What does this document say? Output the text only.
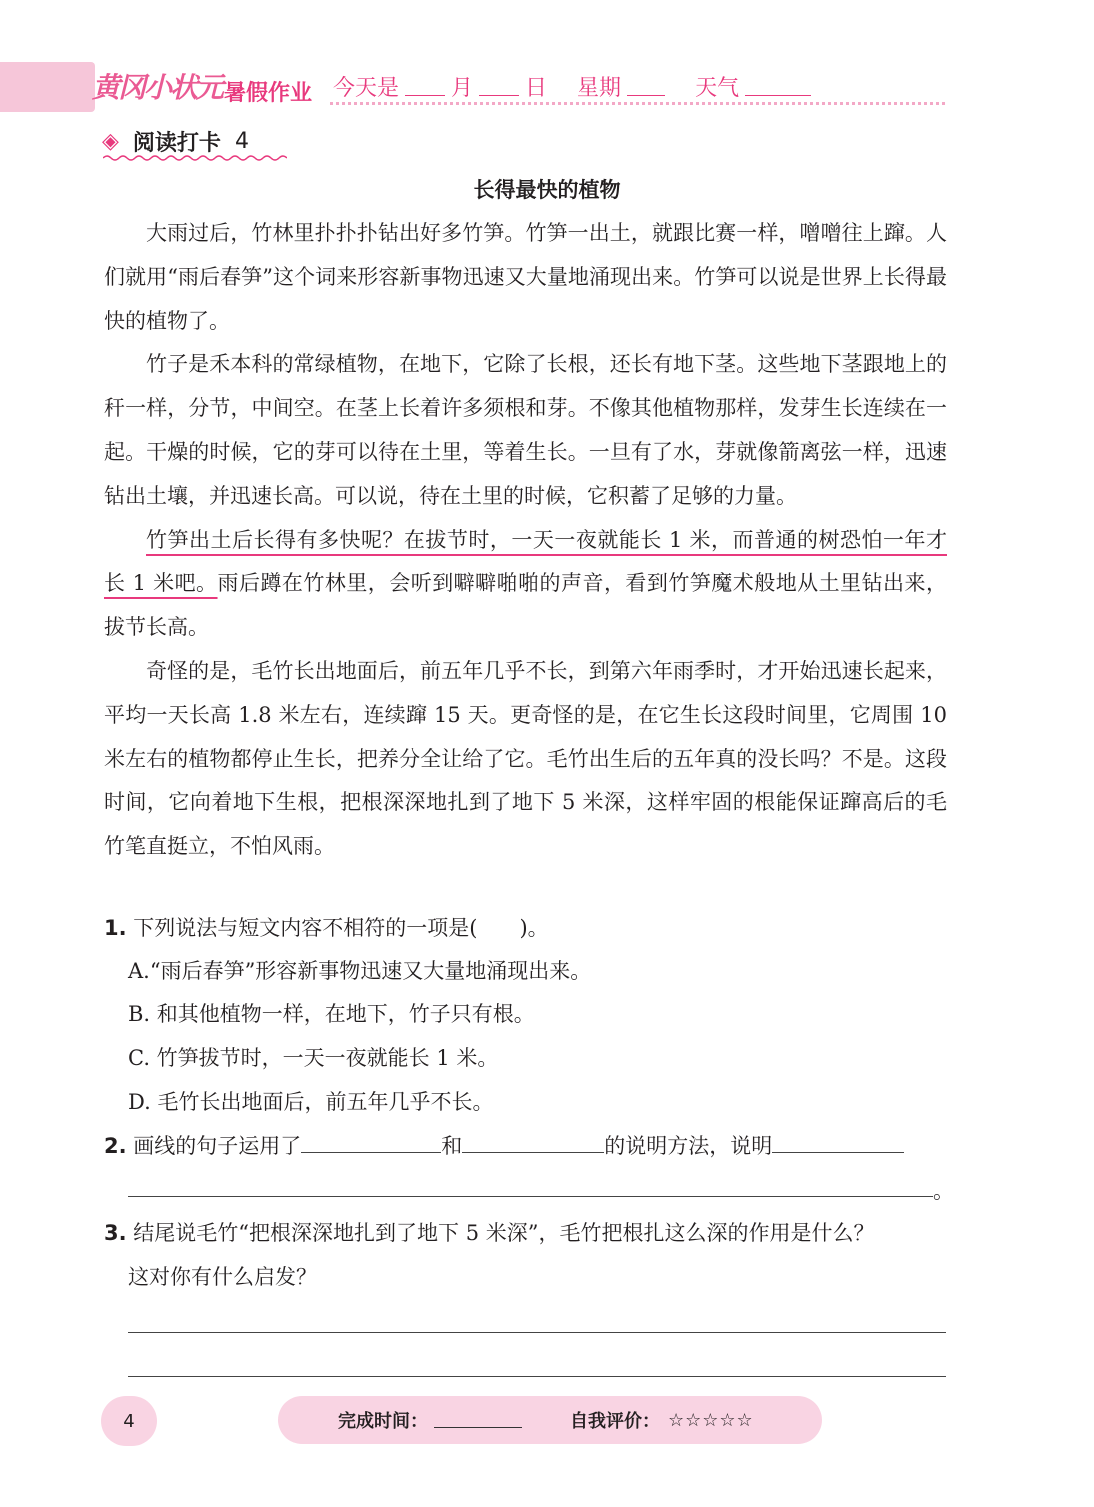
黄冈小状元 暑假作业 今天是 月 日 星期	天气
◈ 阅读打卡 4
长得最快的植物

大雨过后，竹林里扑扑扑钻出好多竹笋。竹笋一出土，就跟比赛一样，噌噌往上蹿。人们就用“雨后春笋”这个词来形容新事物迅速又大量地涌现出来。竹笋可以说是世界上长得最快的植物了。

竹子是禾本科的常绿植物，在地下，它除了长根，还长有地下茎。这些地下茎跟地上的秆一样，分节，中间空。在茎上长着许多须根和芽。不像其他植物那样，发芽生长连续在一起。干燥的时候，它的芽可以待在土里，等着生长。一旦有了水，芽就像箭离弦一样，迅速钻出土壤，并迅速长高。可以说，待在土里的时候，它积蓄了足够的力量。

竹笋出土后长得有多快呢？在拔节时，一天一夜就能长 1 米，而普通的树恐怕一年才长 1 米吧。雨后蹲在竹林里，会听到噼噼啪啪的声音，看到竹笋魔术般地从土里钻出来，拔节长高。

奇怪的是，毛竹长出地面后，前五年几乎不长，到第六年雨季时，才开始迅速长起来，平均一天长高 1.8 米左右，连续蹿 15 天。更奇怪的是，在它生长这段时间里，它周围 10 米左右的植物都停止生长，把养分全让给了它。毛竹出生后的五年真的没长吗？不是。这段时间，它向着地下生根，把根深深地扎到了地下 5 米深，这样牢固的根能保证蹿高后的毛竹笔直挺立，不怕风雨。

1. 下列说法与短文内容不相符的一项是(　　)。
A.“雨后春笋”形容新事物迅速又大量地涌现出来。
B. 和其他植物一样，在地下，竹子只有根。
C. 竹笋拔节时，一天一夜就能长 1 米。
D. 毛竹长出地面后，前五年几乎不长。
2. 画线的句子运用了	和	的说明方法，说明
。
3. 结尾说毛竹“把根深深地扎到了地下 5 米深”，毛竹把根扎这么深的作用是什么？
这对你有什么启发？
4	完成时间：	自我评价： ☆☆☆☆☆
